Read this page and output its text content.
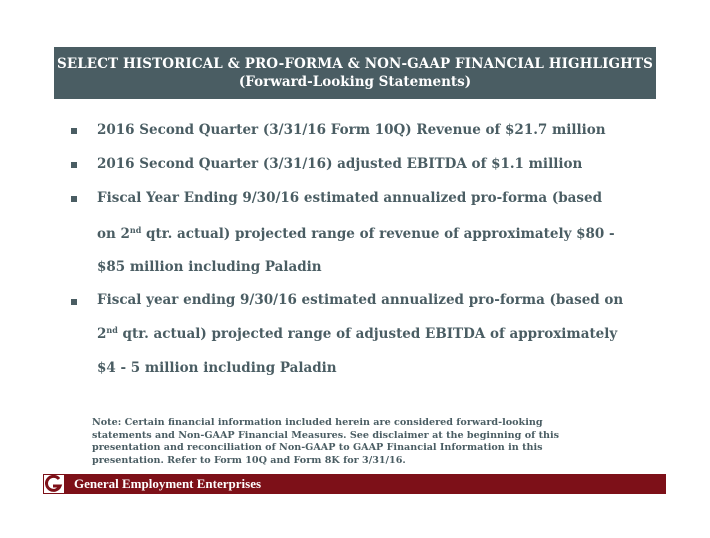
SELECT HISTORICAL & PRO-FORMA & NON-GAAP FINANCIAL HIGHLIGHTS
(Forward-Looking Statements)
2016 Second Quarter (3/31/16 Form 10Q) Revenue of $21.7 million
2016 Second Quarter (3/31/16) adjusted EBITDA of $1.1 million
Fiscal Year Ending 9/30/16 estimated annualized pro-forma (based
on 2nd qtr. actual) projected range of revenue of approximately $80 -
$85 million including Paladin
Fiscal year ending 9/30/16 estimated annualized pro-forma (based on
2nd qtr. actual) projected range of adjusted EBITDA of approximately
$4 - 5 million including Paladin
Note: Certain financial information included herein are considered forward-looking
statements and Non-GAAP Financial Measures. See disclaimer at the beginning of this
presentation and reconciliation of Non-GAAP to GAAP Financial Information in this
presentation. Refer to Form 10Q and Form 8K for 3/31/16.
General Employment Enterprises
